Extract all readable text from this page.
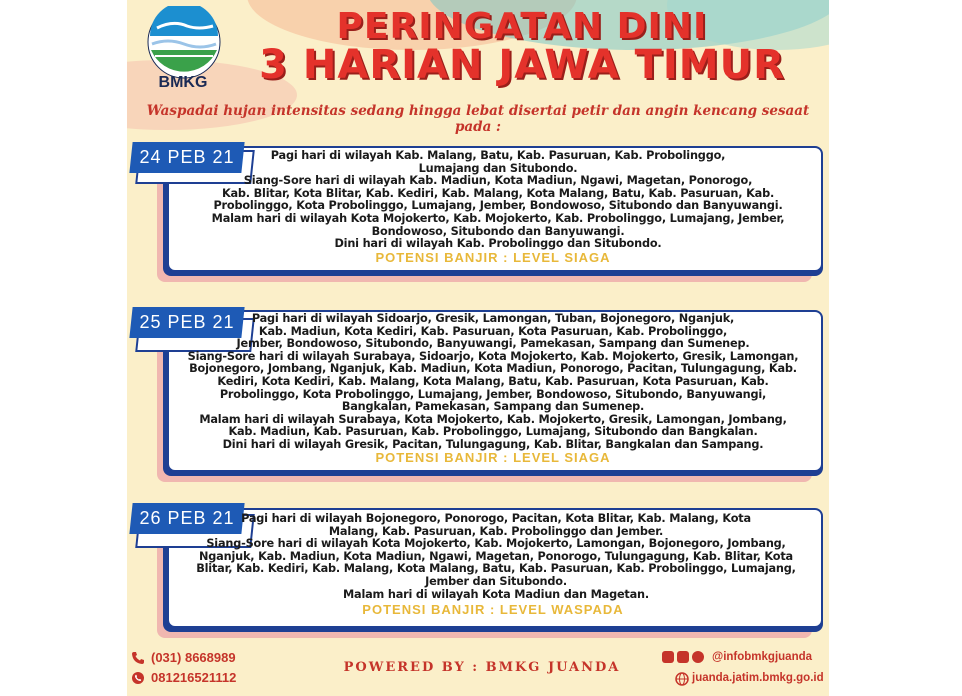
BMKG
PERINGATAN DINI
3 HARIAN JAWA TIMUR
Waspadai hujan intensitas sedang hingga lebat disertai petir dan angin kencang sesaat pada :
24 PEB 21	Pagi hari di wilayah Kab. Malang, Batu, Kab. Pasuruan, Kab. Probolinggo,
Lumajang dan Situbondo.
Siang-Sore hari di wilayah Kab. Madiun, Kota Madiun, Ngawi, Magetan, Ponorogo,
Kab. Blitar, Kota Blitar, Kab. Kediri, Kab. Malang, Kota Malang, Batu, Kab. Pasuruan, Kab.
Probolinggo, Kota Probolinggo, Lumajang, Jember, Bondowoso, Situbondo dan Banyuwangi.
Malam hari di wilayah Kota Mojokerto, Kab. Mojokerto, Kab. Probolinggo, Lumajang, Jember,
Bondowoso, Situbondo dan Banyuwangi.
Dini hari di wilayah Kab. Probolinggo dan Situbondo.
POTENSI BANJIR : LEVEL SIAGA
25 PEB 21	Pagi hari di wilayah Sidoarjo, Gresik, Lamongan, Tuban, Bojonegoro, Nganjuk,
Kab. Madiun, Kota Kediri, Kab. Pasuruan, Kota Pasuruan, Kab. Probolinggo,
Jember, Bondowoso, Situbondo, Banyuwangi, Pamekasan, Sampang dan Sumenep.
Siang-Sore hari di wilayah Surabaya, Sidoarjo, Kota Mojokerto, Kab. Mojokerto, Gresik, Lamongan,
Bojonegoro, Jombang, Nganjuk, Kab. Madiun, Kota Madiun, Ponorogo, Pacitan, Tulungagung, Kab.
Kediri, Kota Kediri, Kab. Malang, Kota Malang, Batu, Kab. Pasuruan, Kota Pasuruan, Kab.
Probolinggo, Kota Probolinggo, Lumajang, Jember, Bondowoso, Situbondo, Banyuwangi,
Bangkalan, Pamekasan, Sampang dan Sumenep.
Malam hari di wilayah Surabaya, Kota Mojokerto, Kab. Mojokerto, Gresik, Lamongan, Jombang,
Kab. Madiun, Kab. Pasuruan, Kab. Probolinggo, Lumajang, Situbondo dan Bangkalan.
Dini hari di wilayah Gresik, Pacitan, Tulungagung, Kab. Blitar, Bangkalan dan Sampang.
POTENSI BANJIR : LEVEL SIAGA
26 PEB 21 Pagi hari di wilayah Bojonegoro, Ponorogo, Pacitan, Kota Blitar, Kab. Malang, Kota
Malang, Kab. Pasuruan, Kab. Probolinggo dan Jember.
Siang-Sore hari di wilayah Kota Mojokerto, Kab. Mojokerto, Lamongan, Bojonegoro, Jombang,
Nganjuk, Kab. Madiun, Kota Madiun, Ngawi, Magetan, Ponorogo, Tulungagung, Kab. Blitar, Kota
Blitar, Kab. Kediri, Kab. Malang, Kota Malang, Batu, Kab. Pasuruan, Kab. Probolinggo, Lumajang,
Jember dan Situbondo.
Malam hari di wilayah Kota Madiun dan Magetan.
POTENSI BANJIR : LEVEL WASPADA
(031) 8668989
081216521112
POWERED BY : BMKG JUANDA
@infobmkgjuanda
juanda.jatim.bmkg.go.id
